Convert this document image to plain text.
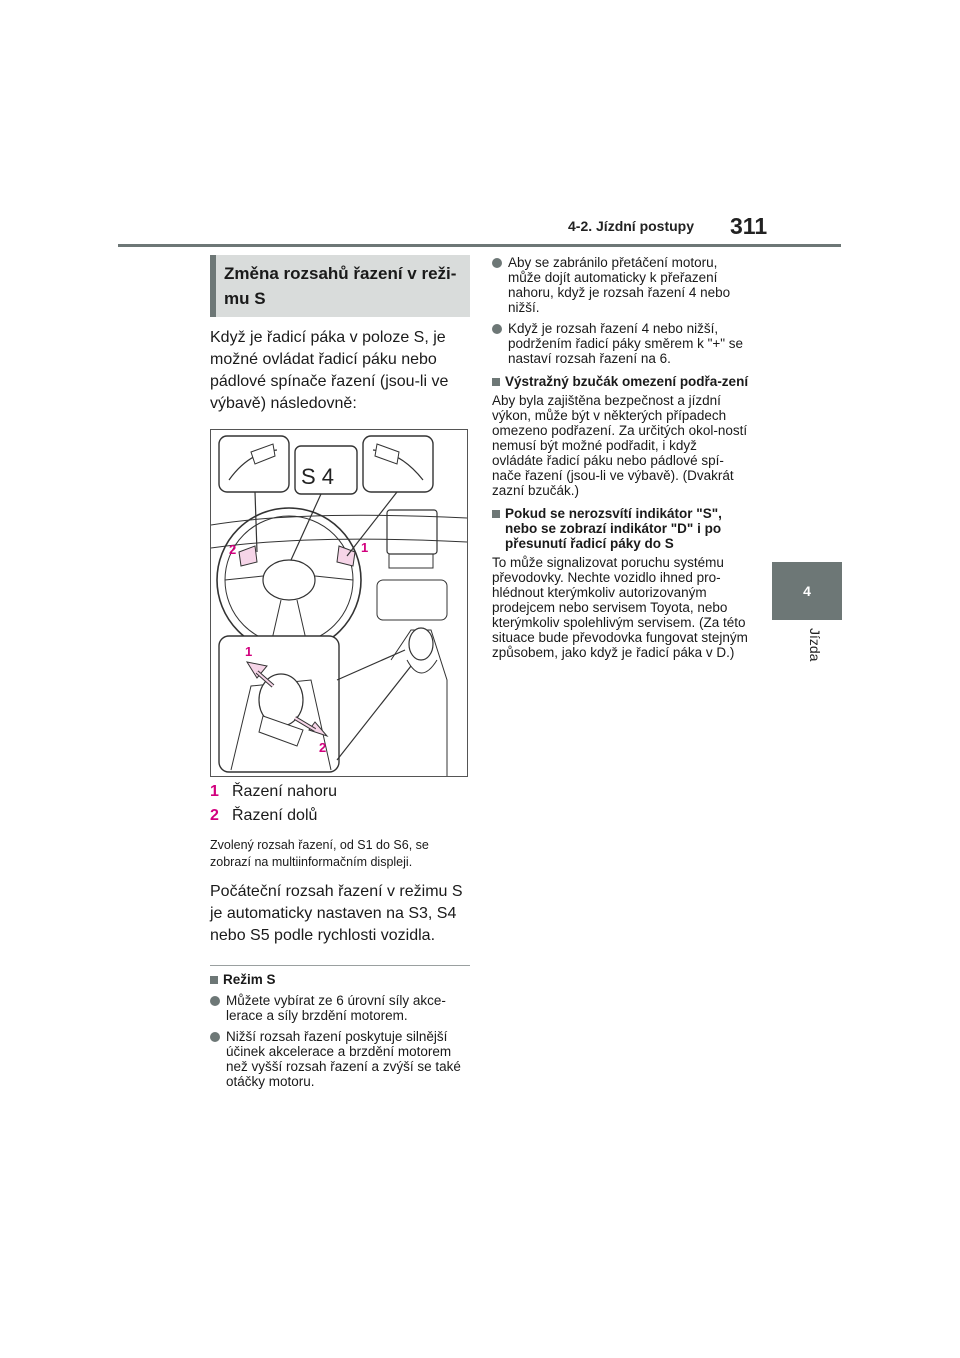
4-2. Jízdní postupy 311
4
Jízda
Změna rozsahů řazení v reži-mu S

Když je řadicí páka v poloze S, je možné ovládat řadicí páku nebo pádlové spínače řazení (jsou-li ve výbavě) následovně:

2	1
S 4
1
2
1 Řazení nahoru
2 Řazení dolů

Zvolený rozsah řazení, od S1 do S6, se zobrazí na multiinformačním displeji.

Počáteční rozsah řazení v režimu S je automaticky nastaven na S3, S4 nebo S5 podle rychlosti vozidla.

Režim S
Můžete vybírat ze 6 úrovní síly akce-lerace a síly brzdění motorem.
Nižší rozsah řazení poskytuje silnější účinek akcelerace a brzdění motorem než vyšší rozsah řazení a zvýší se také otáčky motoru.
Aby se zabránilo přetáčení motoru, může dojít automaticky k přeřazení nahoru, když je rozsah řazení 4 nebo nižší.
Když je rozsah řazení 4 nebo nižší, podržením řadicí páky směrem k "+" se nastaví rozsah řazení na 6.
Výstražný bzučák omezení podřa-zení

Aby byla zajištěna bezpečnost a jízdní výkon, může být v některých případech omezeno podřazení. Za určitých okol-ností nemusí být možné podřadit, i když ovládáte řadicí páku nebo pádlové spí-nače řazení (jsou-li ve výbavě). (Dvakrát zazní bzučák.)

Pokud se nerozsvítí indikátor "S", nebo se zobrazí indikátor "D" i po přesunutí řadicí páky do S

To může signalizovat poruchu systému převodovky. Nechte vozidlo ihned pro-hlédnout kterýmkoliv autorizovaným prodejcem nebo servisem Toyota, nebo kterýmkoliv spolehlivým servisem. (Za této situace bude převodovka fungovat stejným způsobem, jako když je řadicí páka v D.)
